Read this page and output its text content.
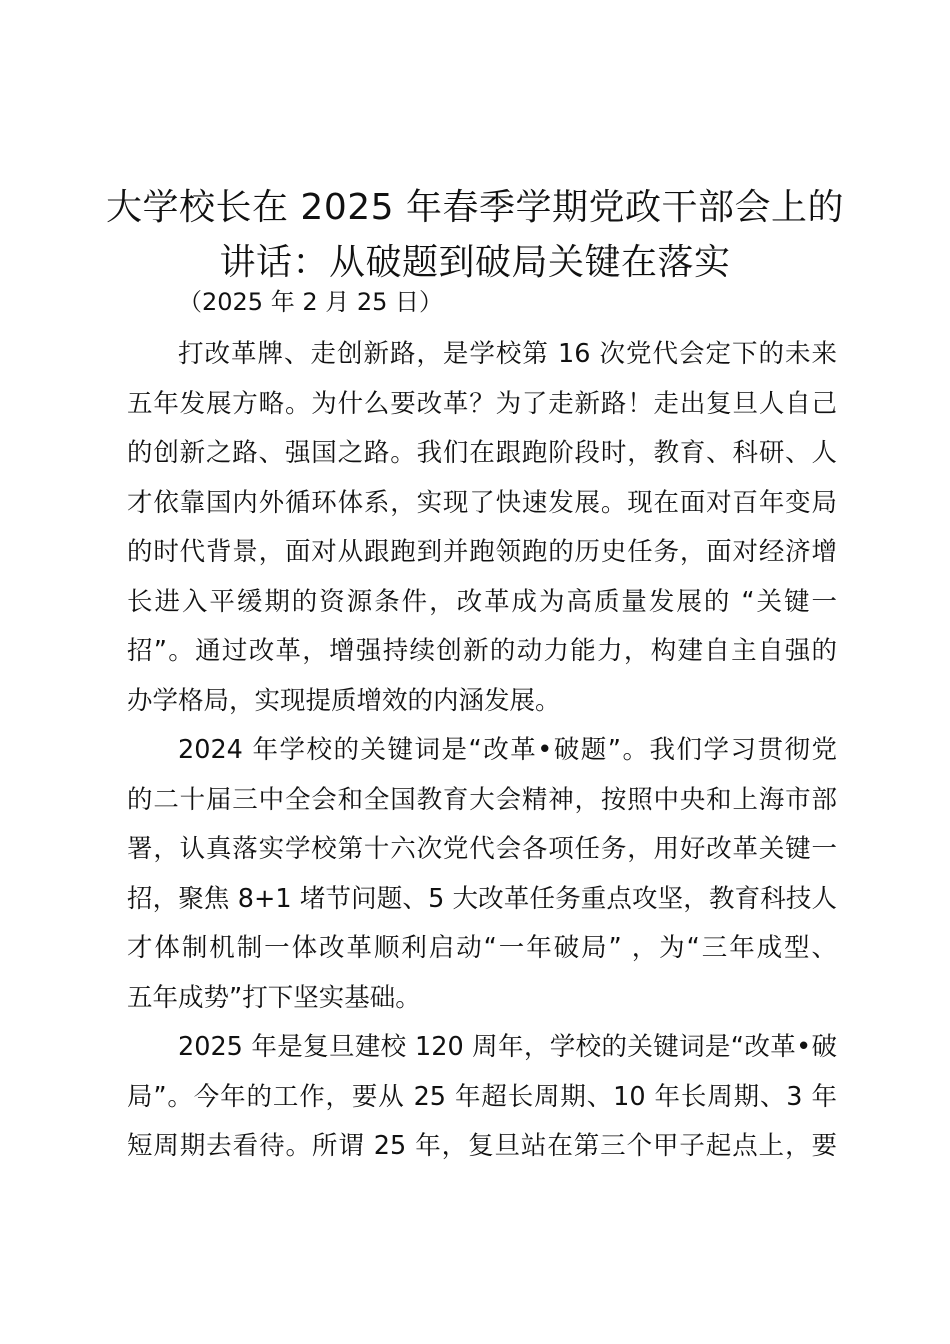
大学校长在 2025 年春季学期党政干部会上的
讲话：从破题到破局关键在落实
（2025 年 2 月 25 日）
打改革牌、走创新路，是学校第 16 次党代会定下的未来
五年发展方略。为什么要改革？为了走新路！走出复旦人自己
的创新之路、强国之路。我们在跟跑阶段时，教育、科研、人
才依靠国内外循环体系，实现了快速发展。现在面对百年变局
的时代背景，面对从跟跑到并跑领跑的历史任务，面对经济增
长进入平缓期的资源条件，改革成为高质量发展的 “关键一
招”。通过改革，增强持续创新的动力能力，构建自主自强的
办学格局，实现提质增效的内涵发展。
2024 年学校的关键词是“改革•破题”。我们学习贯彻党
的二十届三中全会和全国教育大会精神，按照中央和上海市部
署，认真落实学校第十六次党代会各项任务，用好改革关键一
招，聚焦 8+1 堵节问题、5 大改革任务重点攻坚，教育科技人
才体制机制一体改革顺利启动“一年破局” ，为“三年成型、
五年成势”打下坚实基础。
2025 年是复旦建校 120 周年，学校的关键词是“改革•破
局”。今年的工作，要从 25 年超长周期、10 年长周期、3 年
短周期去看待。所谓 25 年，复旦站在第三个甲子起点上，要
